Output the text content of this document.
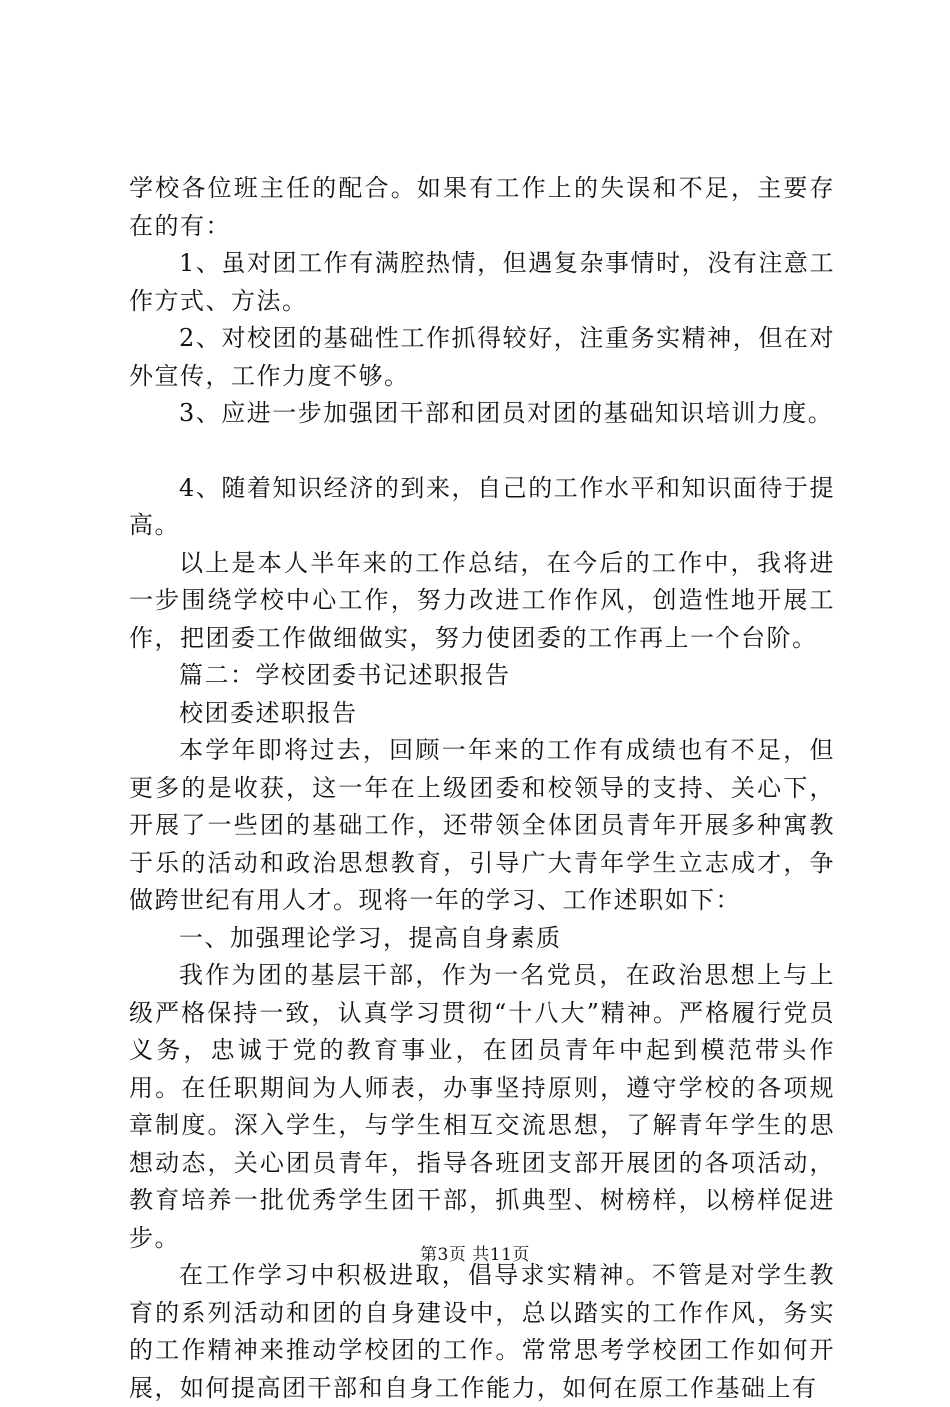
学校各位班主任的配合。如果有工作上的失误和不足，主要存在的有：

1、虽对团工作有满腔热情，但遇复杂事情时，没有注意工作方式、方法。

2、对校团的基础性工作抓得较好，注重务实精神，但在对外宣传，工作力度不够。

3、应进一步加强团干部和团员对团的基础知识培训力度。

4、随着知识经济的到来，自己的工作水平和知识面待于提高。

以上是本人半年来的工作总结，在今后的工作中，我将进一步围绕学校中心工作，努力改进工作作风，创造性地开展工作，把团委工作做细做实，努力使团委的工作再上一个台阶。

篇二：学校团委书记述职报告

校团委述职报告

本学年即将过去，回顾一年来的工作有成绩也有不足，但更多的是收获，这一年在上级团委和校领导的支持、关心下，开展了一些团的基础工作，还带领全体团员青年开展多种寓教于乐的活动和政治思想教育，引导广大青年学生立志成才，争做跨世纪有用人才。现将一年的学习、工作述职如下：

一、加强理论学习，提高自身素质

我作为团的基层干部，作为一名党员，在政治思想上与上级严格保持一致，认真学习贯彻“十八大”精神。严格履行党员义务，忠诚于党的教育事业，在团员青年中起到模范带头作用。在任职期间为人师表，办事坚持原则，遵守学校的各项规章制度。深入学生，与学生相互交流思想，了解青年学生的思想动态，关心团员青年，指导各班团支部开展团的各项活动，教育培养一批优秀学生团干部，抓典型、树榜样，以榜样促进步。

在工作学习中积极进取，倡导求实精神。不管是对学生教育的系列活动和团的自身建设中，总以踏实的工作作风，务实的工作精神来推动学校团的工作。常常思考学校团工作如何开展，如何提高团干部和自身工作能力，如何在原工作基础上有

第3页 共11页
